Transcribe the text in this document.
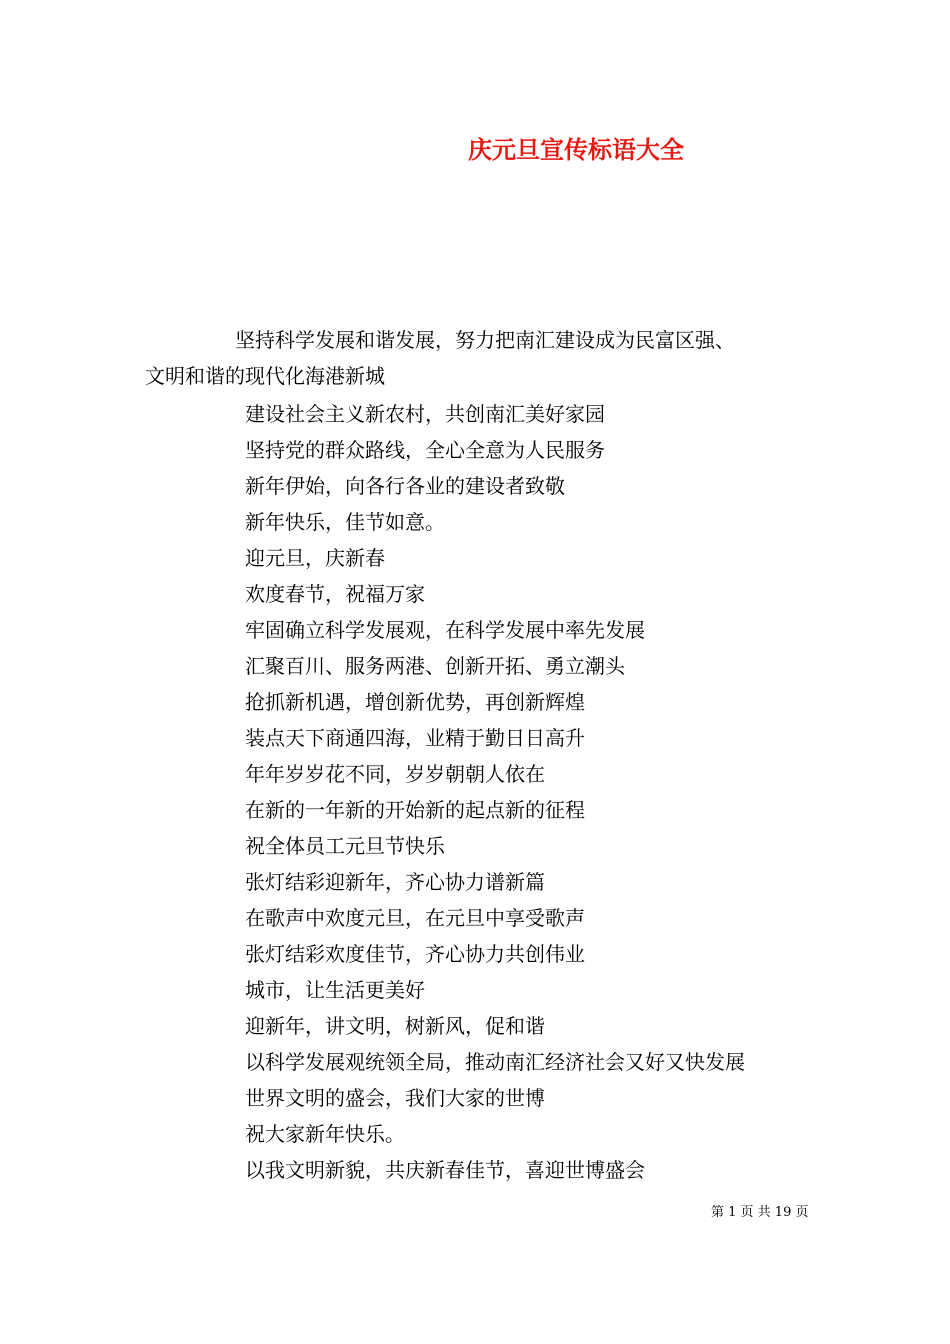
庆元旦宣传标语大全

坚持科学发展和谐发展，努力把南汇建设成为民富区强、
文明和谐的现代化海港新城

建设社会主义新农村，共创南汇美好家园
坚持党的群众路线，全心全意为人民服务
新年伊始，向各行各业的建设者致敬
新年快乐，佳节如意。
迎元旦，庆新春
欢度春节，祝福万家
牢固确立科学发展观，在科学发展中率先发展
汇聚百川、服务两港、创新开拓、勇立潮头
抢抓新机遇，增创新优势，再创新辉煌
装点天下商通四海，业精于勤日日高升
年年岁岁花不同，岁岁朝朝人依在
在新的一年新的开始新的起点新的征程
祝全体员工元旦节快乐
张灯结彩迎新年，齐心协力谱新篇
在歌声中欢度元旦，在元旦中享受歌声
张灯结彩欢度佳节，齐心协力共创伟业
城市，让生活更美好
迎新年，讲文明，树新风，促和谐
以科学发展观统领全局，推动南汇经济社会又好又快发展
世界文明的盛会，我们大家的世博
祝大家新年快乐。
以我文明新貌，共庆新春佳节，喜迎世博盛会
第 1 页 共 19 页
